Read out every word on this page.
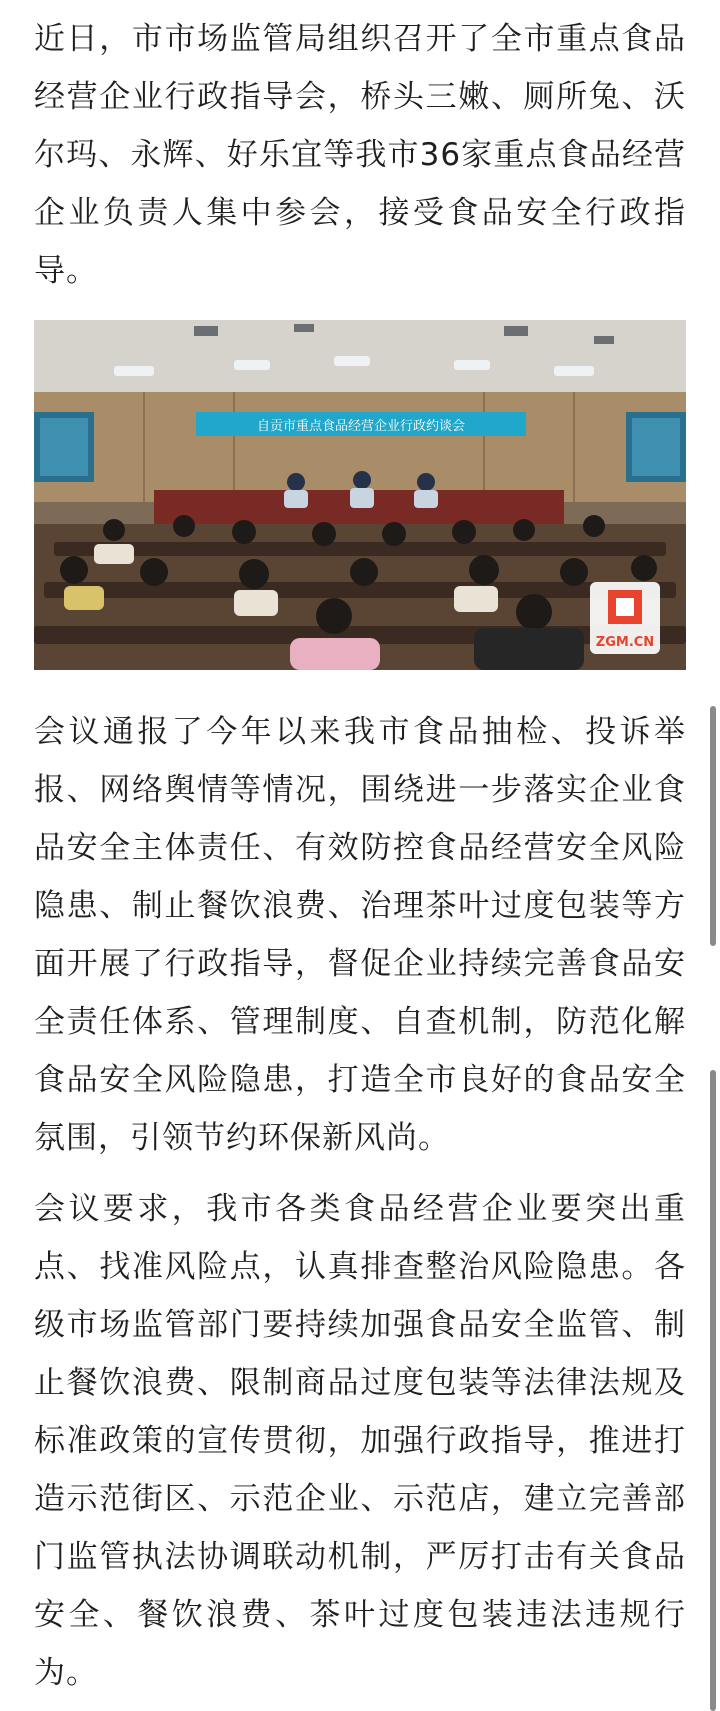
近日，市市场监管局组织召开了全市重点食品经营企业行政指导会，桥头三嫩、厕所兔、沃尔玛、永辉、好乐宜等我市36家重点食品经营企业负责人集中参会，接受食品安全行政指导。

自贡市重点食品经营企业行政约谈会
ZGM.CN

会议通报了今年以来我市食品抽检、投诉举报、网络舆情等情况，围绕进一步落实企业食品安全主体责任、有效防控食品经营安全风险隐患、制止餐饮浪费、治理茶叶过度包装等方面开展了行政指导，督促企业持续完善食品安全责任体系、管理制度、自查机制，防范化解食品安全风险隐患，打造全市良好的食品安全氛围，引领节约环保新风尚。

会议要求，我市各类食品经营企业要突出重点、找准风险点，认真排查整治风险隐患。各级市场监管部门要持续加强食品安全监管、制止餐饮浪费、限制商品过度包装等法律法规及标准政策的宣传贯彻，加强行政指导，推进打造示范街区、示范企业、示范店，建立完善部门监管执法协调联动机制，严厉打击有关食品安全、餐饮浪费、茶叶过度包装违法违规行为。
